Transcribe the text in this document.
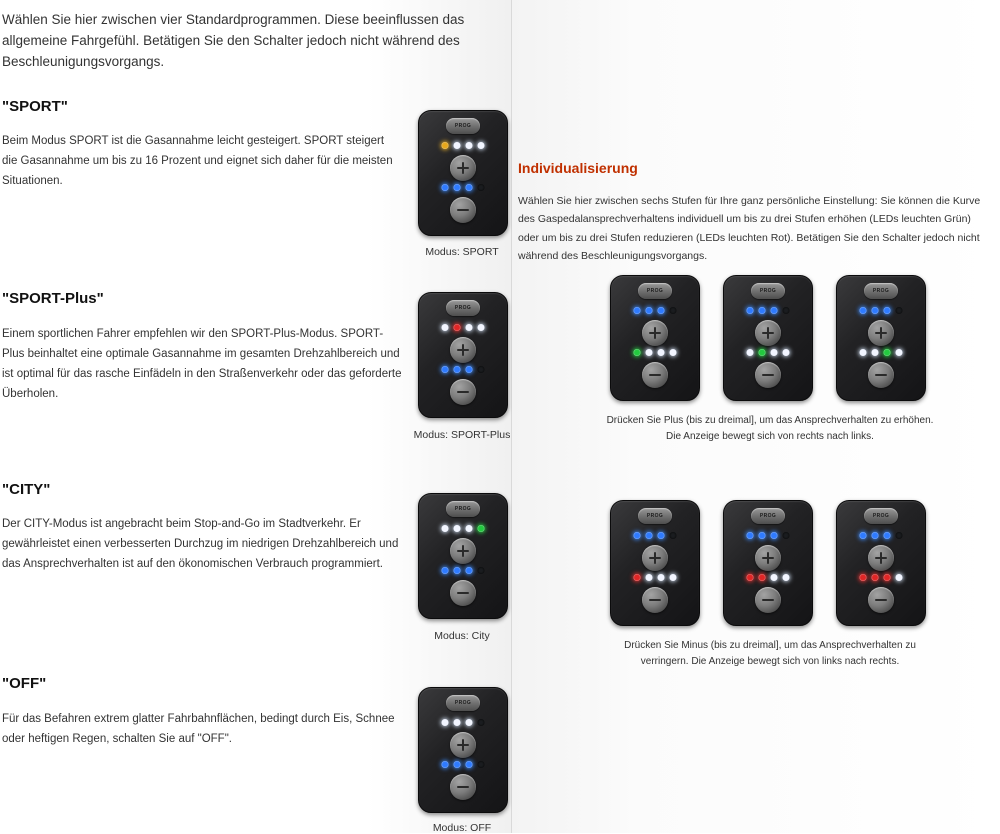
Wählen Sie hier zwischen vier Standardprogrammen. Diese beeinflussen das allgemeine Fahrgefühl. Betätigen Sie den Schalter jedoch nicht während des Beschleunigungsvorgangs.
"SPORT"
Beim Modus SPORT ist die Gasannahme leicht gesteigert. SPORT steigert die Gasannahme um bis zu 16 Prozent und eignet sich daher für die meisten Situationen.
PROG
Modus: SPORT
"SPORT-Plus"
Einem sportlichen Fahrer empfehlen wir den SPORT-Plus-Modus. SPORT-Plus beinhaltet eine optimale Gasannahme im gesamten Drehzahlbereich und ist optimal für das rasche Einfädeln in den Straßenverkehr oder das geforderte Überholen.
PROG
Modus: SPORT-Plus
"CITY"
Der CITY-Modus ist angebracht beim Stop-and-Go im Stadtverkehr. Er gewährleistet einen verbesserten Durchzug im niedrigen Drehzahlbereich und das Ansprechverhalten ist auf den ökonomischen Verbrauch programmiert.
PROG
Modus: City
"OFF"
Für das Befahren extrem glatter Fahrbahnflächen, bedingt durch Eis, Schnee oder heftigen Regen, schalten Sie auf "OFF".
PROG
Modus: OFF
Individualisierung
Wählen Sie hier zwischen sechs Stufen für Ihre ganz persönliche Einstellung: Sie können die Kurve des Gaspedalansprechverhaltens individuell um bis zu drei Stufen erhöhen (LEDs leuchten Grün) oder um bis zu drei Stufen reduzieren (LEDs leuchten Rot). Betätigen Sie den Schalter jedoch nicht während des Beschleunigungsvorgangs.
PROG	PROG	PROG
Drücken Sie Plus (bis zu dreimal], um das Ansprechverhalten zu erhöhen. Die Anzeige bewegt sich von rechts nach links.
PROG	PROG	PROG
Drücken Sie Minus (bis zu dreimal], um das Ansprechverhalten zu verringern. Die Anzeige bewegt sich von links nach rechts.
